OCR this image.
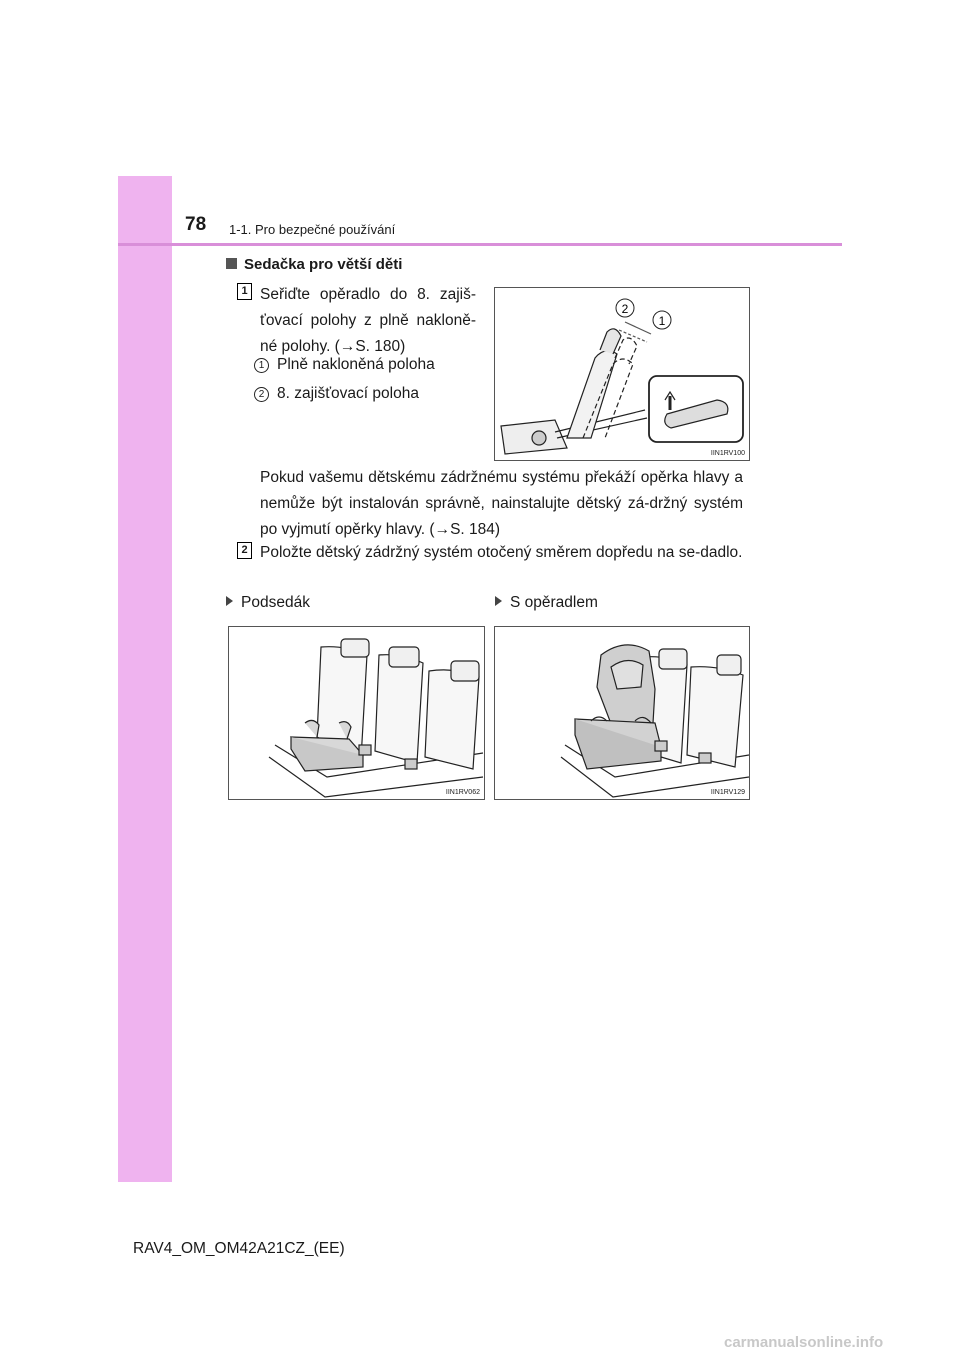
78 1-1. Pro bezpečné používání
Sedačka pro větší děti
1 Seřiďte opěradlo do 8. zajiš-ťovací polohy z plně nakloně-né polohy. (→S. 180)
1 Plně nakloněná poloha
2 8. zajišťovací poloha
2
1
IIN1RV100
Pokud vašemu dětskému zádržnému systému překáží opěrka hlavy a nemůže být instalován správně, nainstalujte dětský zá-držný systém po vyjmutí opěrky hlavy. (→S. 184)
2 Položte dětský zádržný systém otočený směrem dopředu na se-dadlo.
Podsedák	S opěradlem
IIN1RV062	IIN1RV129
RAV4_OM_OM42A21CZ_(EE)
carmanualsonline.info
